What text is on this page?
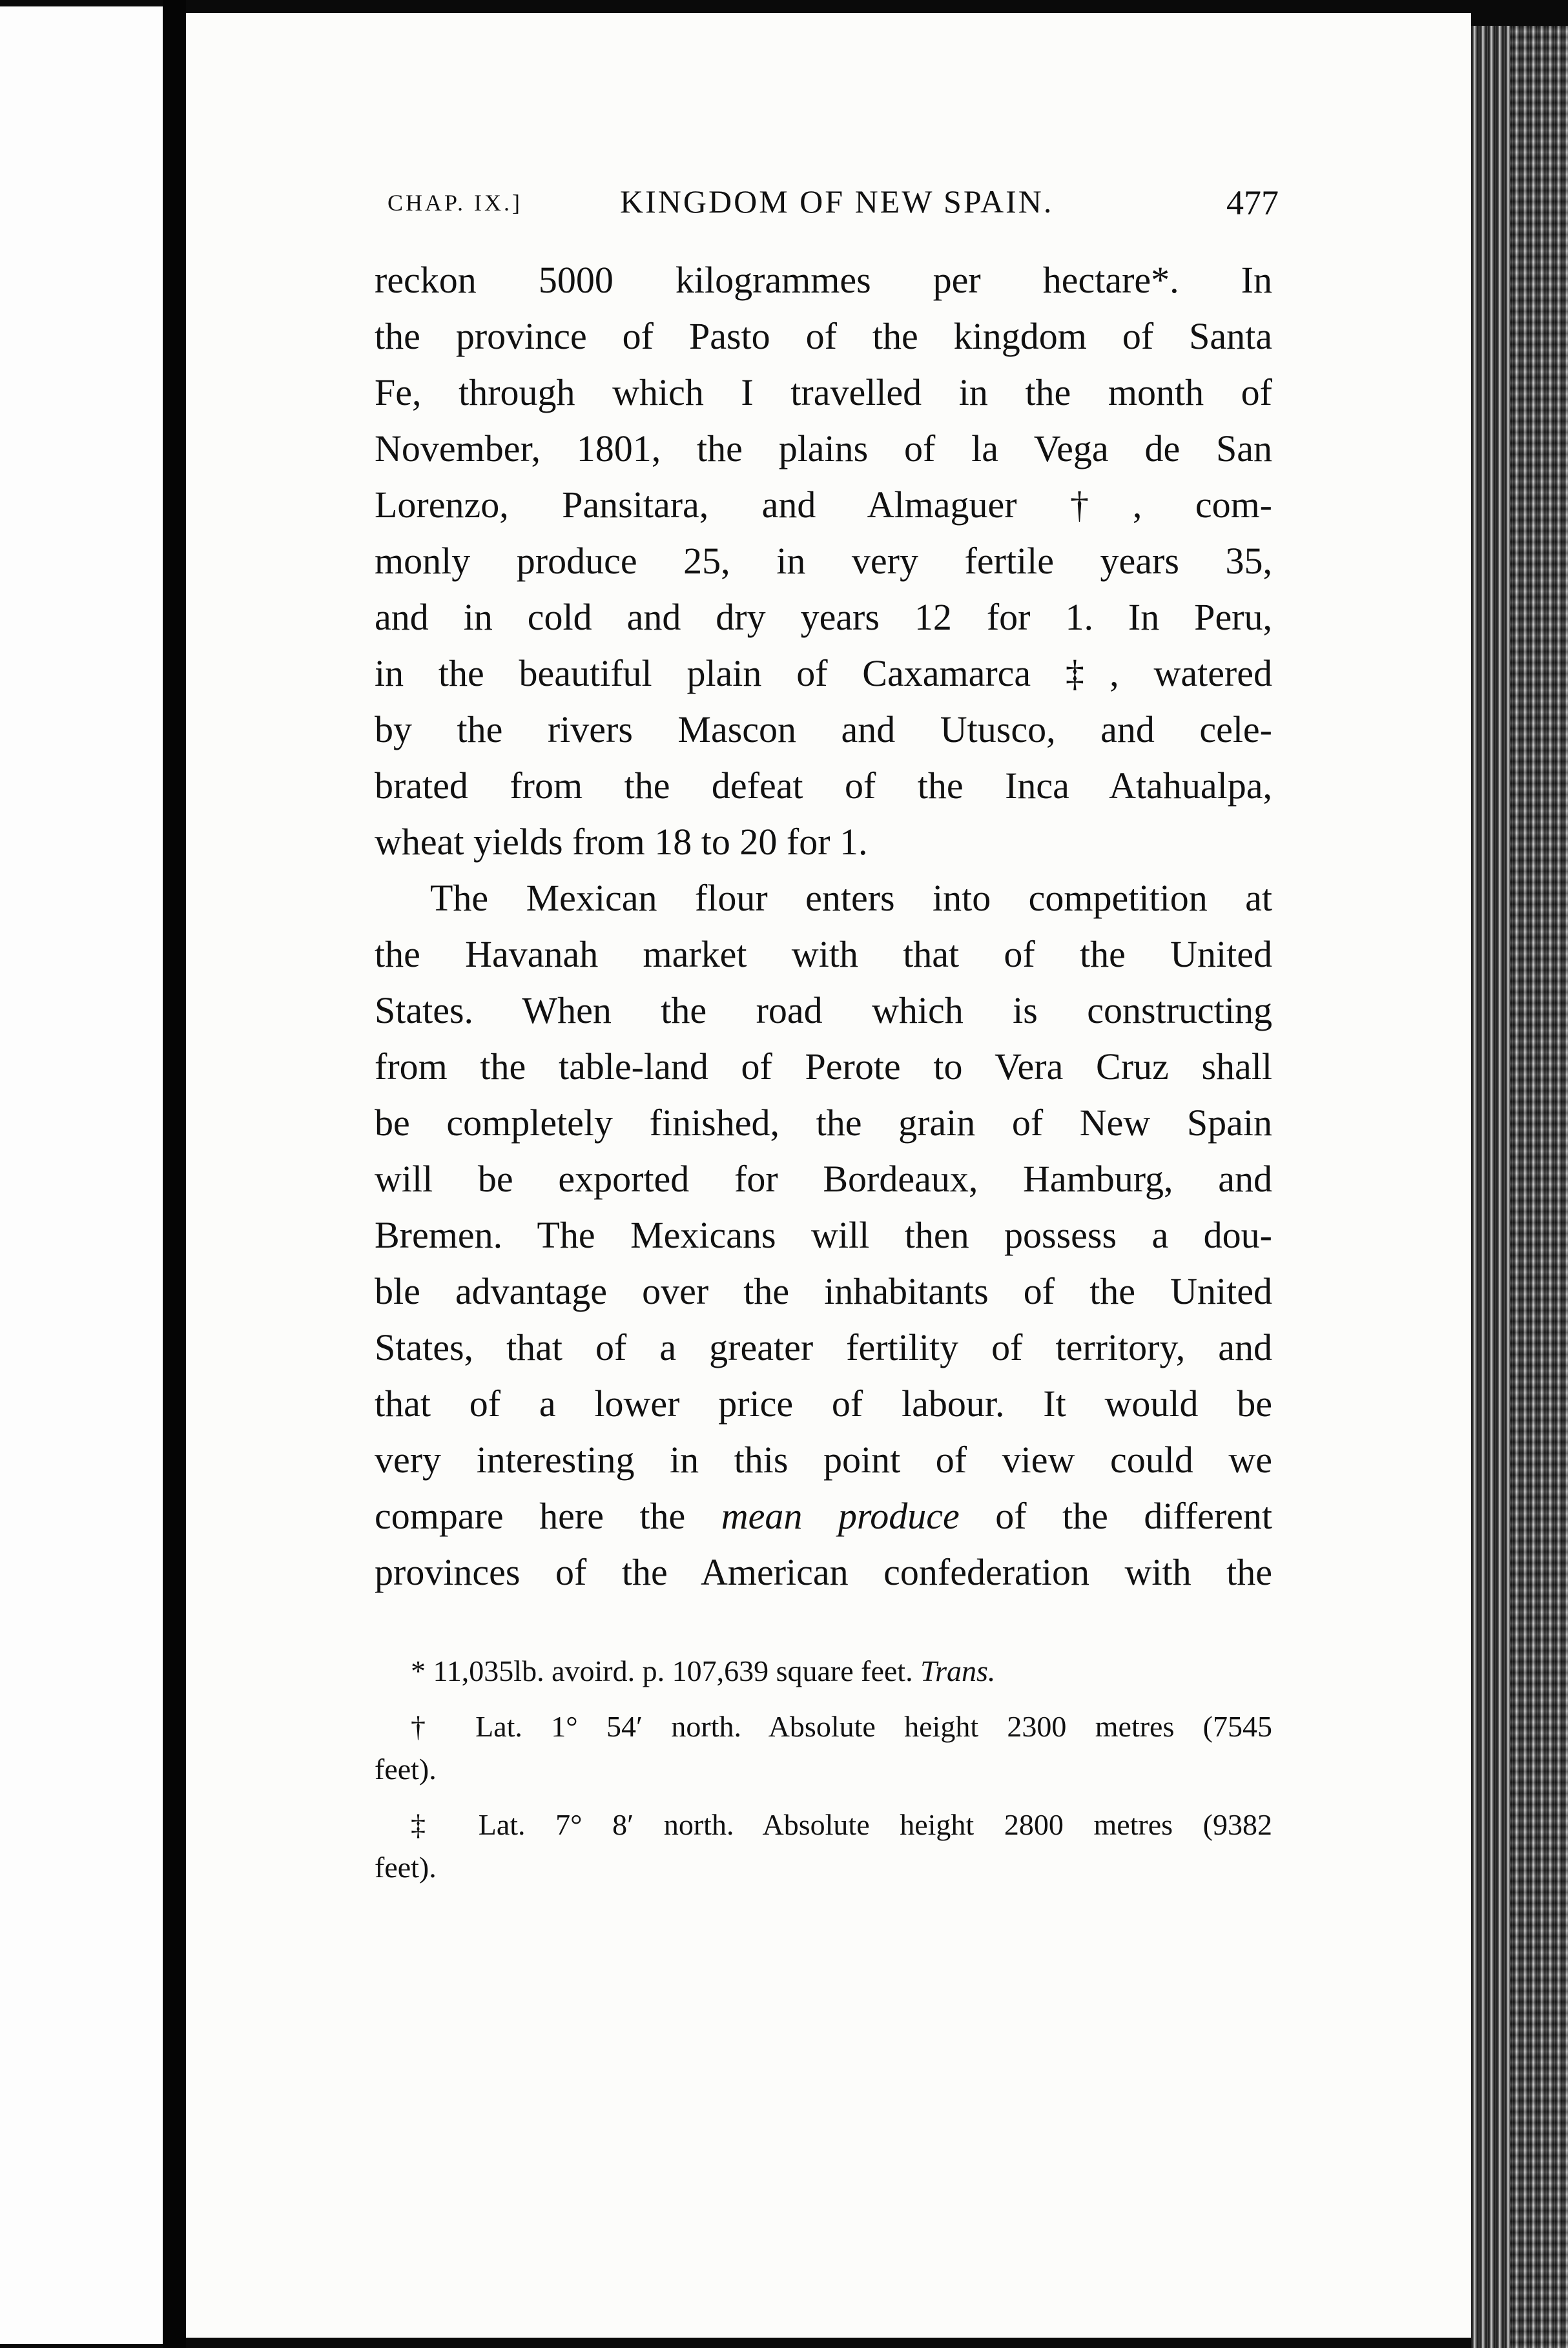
CHAP. IX.]	KINGDOM OF NEW SPAIN.	477
reckon 5000 kilogrammes per hectare*. In
the province of Pasto of the kingdom of Santa
Fe, through which I travelled in the month of
November, 1801, the plains of la Vega de San
Lorenzo, Pansitara, and Almaguer †, com-
monly produce 25, in very fertile years 35,
and in cold and dry years 12 for 1. In Peru,
in the beautiful plain of Caxamarca ‡, watered
by the rivers Mascon and Utusco, and cele-
brated from the defeat of the Inca Atahualpa,
wheat yields from 18 to 20 for 1.
The Mexican flour enters into competition at
the Havanah market with that of the United
States. When the road which is constructing
from the table-land of Perote to Vera Cruz shall
be completely finished, the grain of New Spain
will be exported for Bordeaux, Hamburg, and
Bremen. The Mexicans will then possess a dou-
ble advantage over the inhabitants of the United
States, that of a greater fertility of territory, and
that of a lower price of labour. It would be
very interesting in this point of view could we
compare here the mean produce of the different
provinces of the American confederation with the
* 11,035lb. avoird. p. 107,639 square feet. Trans.
† Lat. 1° 54′ north. Absolute height 2300 metres (7545
feet).
‡ Lat. 7° 8′ north. Absolute height 2800 metres (9382
feet).
